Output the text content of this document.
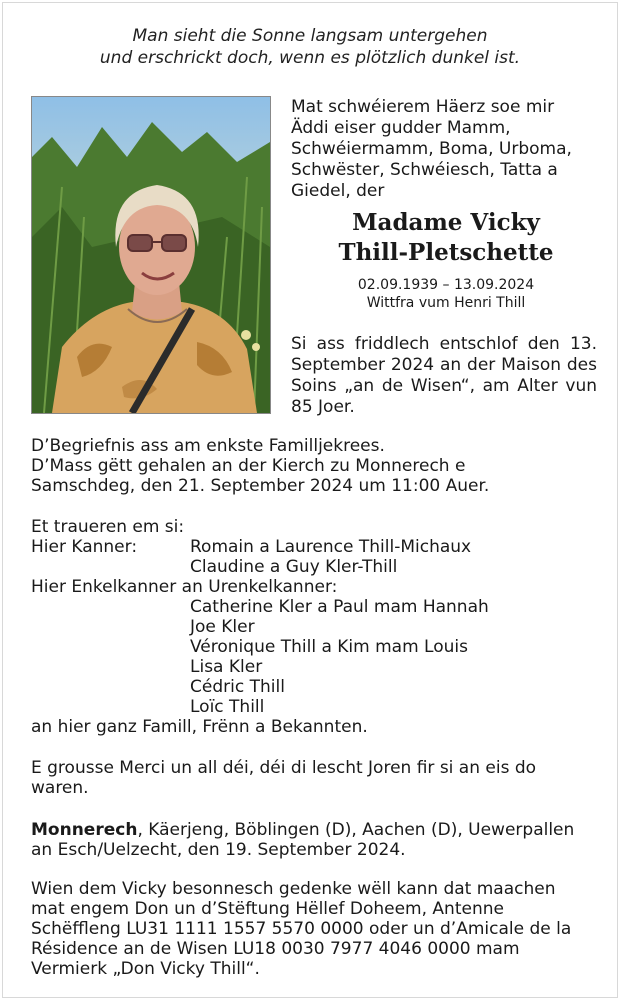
Man sieht die Sonne langsam untergehen
und erschrickt doch, wenn es plötzlich dunkel ist.
Mat schwéierem Häerz soe mir
Äddi eiser gudder Mamm,
Schwéiermamm, Boma, Urboma,
Schwëster, Schwéiesch, Tatta a
Giedel, der
Madame Vicky
Thill-Pletschette
02.09.1939 – 13.09.2024
Wittfra vum Henri Thill
Si ass friddlech entschlof den 13. September 2024 an der Maison des Soins „an de Wisen“, am Alter vun 85 Joer.
D’Begriefnis ass am enkste Familljekrees.
D’Mass gëtt gehalen an der Kierch zu Monnerech e
Samschdeg, den 21. September 2024 um 11:00 Auer.
Et traueren em si:
Hier Kanner:	Romain a Laurence Thill-Michaux
Claudine a Guy Kler-Thill
Hier Enkelkanner an Urenkelkanner:
Catherine Kler a Paul mam Hannah
Joe Kler
Véronique Thill a Kim mam Louis
Lisa Kler
Cédric Thill
Loïc Thill
an hier ganz Famill, Frënn a Bekannten.
E grousse Merci un all déi, déi di lescht Joren fir si an eis do
waren.
Monnerech, Käerjeng, Böblingen (D), Aachen (D), Uewerpallen
an Esch/Uelzecht, den 19. September 2024.
Wien dem Vicky besonnesch gedenke wëll kann dat maachen
mat engem Don un d’Stëftung Hëllef Doheem, Antenne
Schëffleng LU31 1111 1557 5570 0000 oder un d’Amicale de la
Résidence an de Wisen LU18 0030 7977 4046 0000 mam
Vermierk „Don Vicky Thill“.
